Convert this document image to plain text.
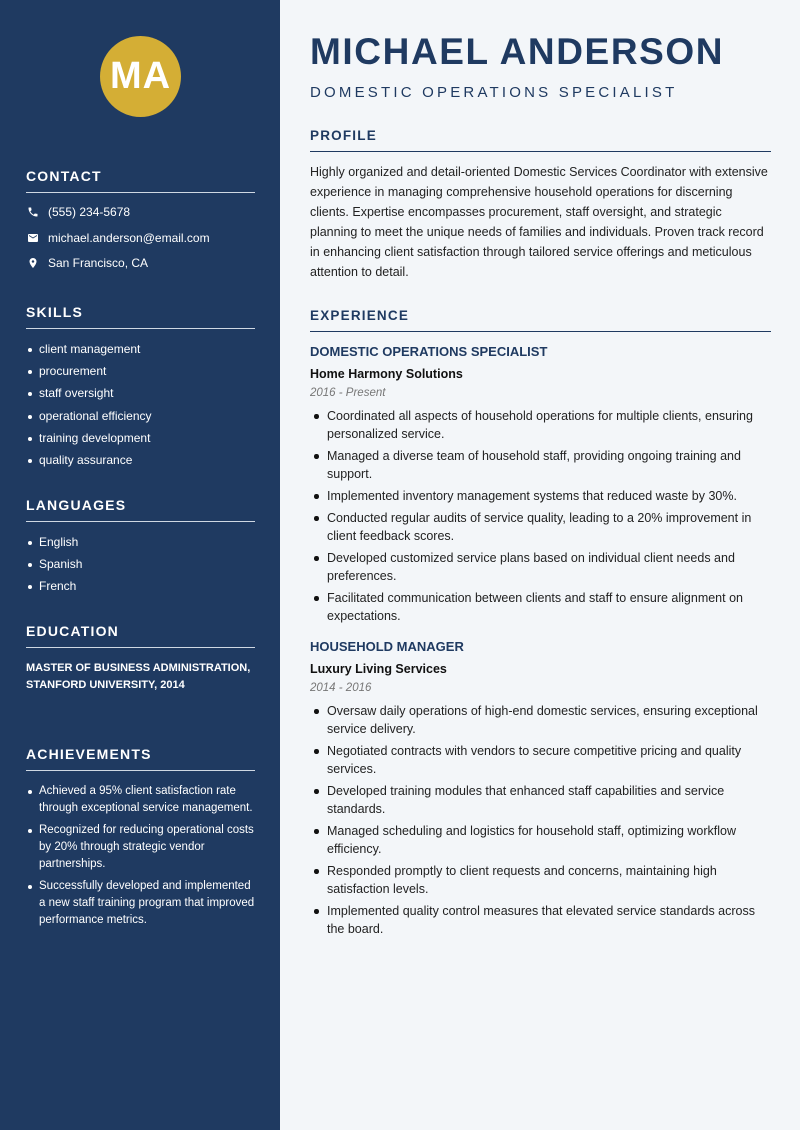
MA
CONTACT
(555) 234-5678
michael.anderson@email.com
San Francisco, CA
SKILLS
client management
procurement
staff oversight
operational efficiency
training development
quality assurance
LANGUAGES
English
Spanish
French
EDUCATION
MASTER OF BUSINESS ADMINISTRATION, STANFORD UNIVERSITY, 2014
ACHIEVEMENTS
Achieved a 95% client satisfaction rate through exceptional service management.
Recognized for reducing operational costs by 20% through strategic vendor partnerships.
Successfully developed and implemented a new staff training program that improved performance metrics.
MICHAEL ANDERSON
DOMESTIC OPERATIONS SPECIALIST
PROFILE

Highly organized and detail-oriented Domestic Services Coordinator with extensive experience in managing comprehensive household operations for discerning clients. Expertise encompasses procurement, staff oversight, and strategic planning to meet the unique needs of families and individuals. Proven track record in enhancing client satisfaction through tailored service offerings and meticulous attention to detail.

EXPERIENCE
DOMESTIC OPERATIONS SPECIALIST
Home Harmony Solutions
2016 - Present
Coordinated all aspects of household operations for multiple clients, ensuring personalized service.
Managed a diverse team of household staff, providing ongoing training and support.
Implemented inventory management systems that reduced waste by 30%.
Conducted regular audits of service quality, leading to a 20% improvement in client feedback scores.
Developed customized service plans based on individual client needs and preferences.
Facilitated communication between clients and staff to ensure alignment on expectations.
HOUSEHOLD MANAGER
Luxury Living Services
2014 - 2016
Oversaw daily operations of high-end domestic services, ensuring exceptional service delivery.
Negotiated contracts with vendors to secure competitive pricing and quality services.
Developed training modules that enhanced staff capabilities and service standards.
Managed scheduling and logistics for household staff, optimizing workflow efficiency.
Responded promptly to client requests and concerns, maintaining high satisfaction levels.
Implemented quality control measures that elevated service standards across the board.
